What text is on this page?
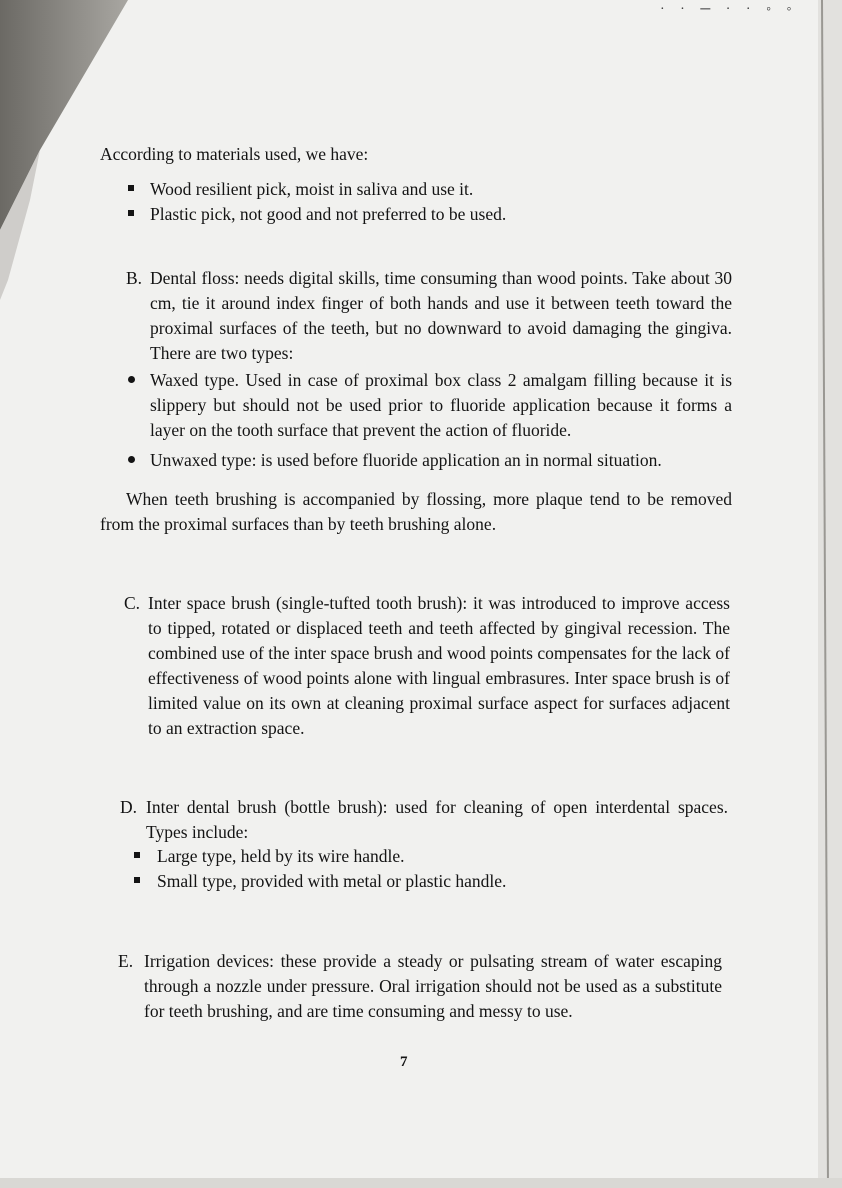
· · ─ · · ◦ ◦

According to materials used, we have:

Wood resilient pick, moist in saliva and use it.

Plastic pick, not good and not preferred to be used.

B. Dental floss: needs digital skills, time consuming than wood points. Take about 30 cm, tie it around index finger of both hands and use it between teeth toward the proximal surfaces of the teeth, but no downward to avoid damaging the gingiva. There are two types:

Waxed type. Used in case of proximal box class 2 amalgam filling because it is slippery but should not be used prior to fluoride application because it forms a layer on the tooth surface that prevent the action of fluoride.

Unwaxed type: is used before fluoride application an in normal situation.

When teeth brushing is accompanied by flossing, more plaque tend to be removed from the proximal surfaces than by teeth brushing alone.

C. Inter space brush (single-tufted tooth brush): it was introduced to improve access to tipped, rotated or displaced teeth and teeth affected by gingival recession. The combined use of the inter space brush and wood points compensates for the lack of effectiveness of wood points alone with lingual embrasures. Inter space brush is of limited value on its own at cleaning proximal surface aspect for surfaces adjacent to an extraction space.

D. Inter dental brush (bottle brush): used for cleaning of open interdental spaces. Types include:

Large type, held by its wire handle.

Small type, provided with metal or plastic handle.

E. Irrigation devices: these provide a steady or pulsating stream of water escaping through a nozzle under pressure. Oral irrigation should not be used as a substitute for teeth brushing, and are time consuming and messy to use.

7
